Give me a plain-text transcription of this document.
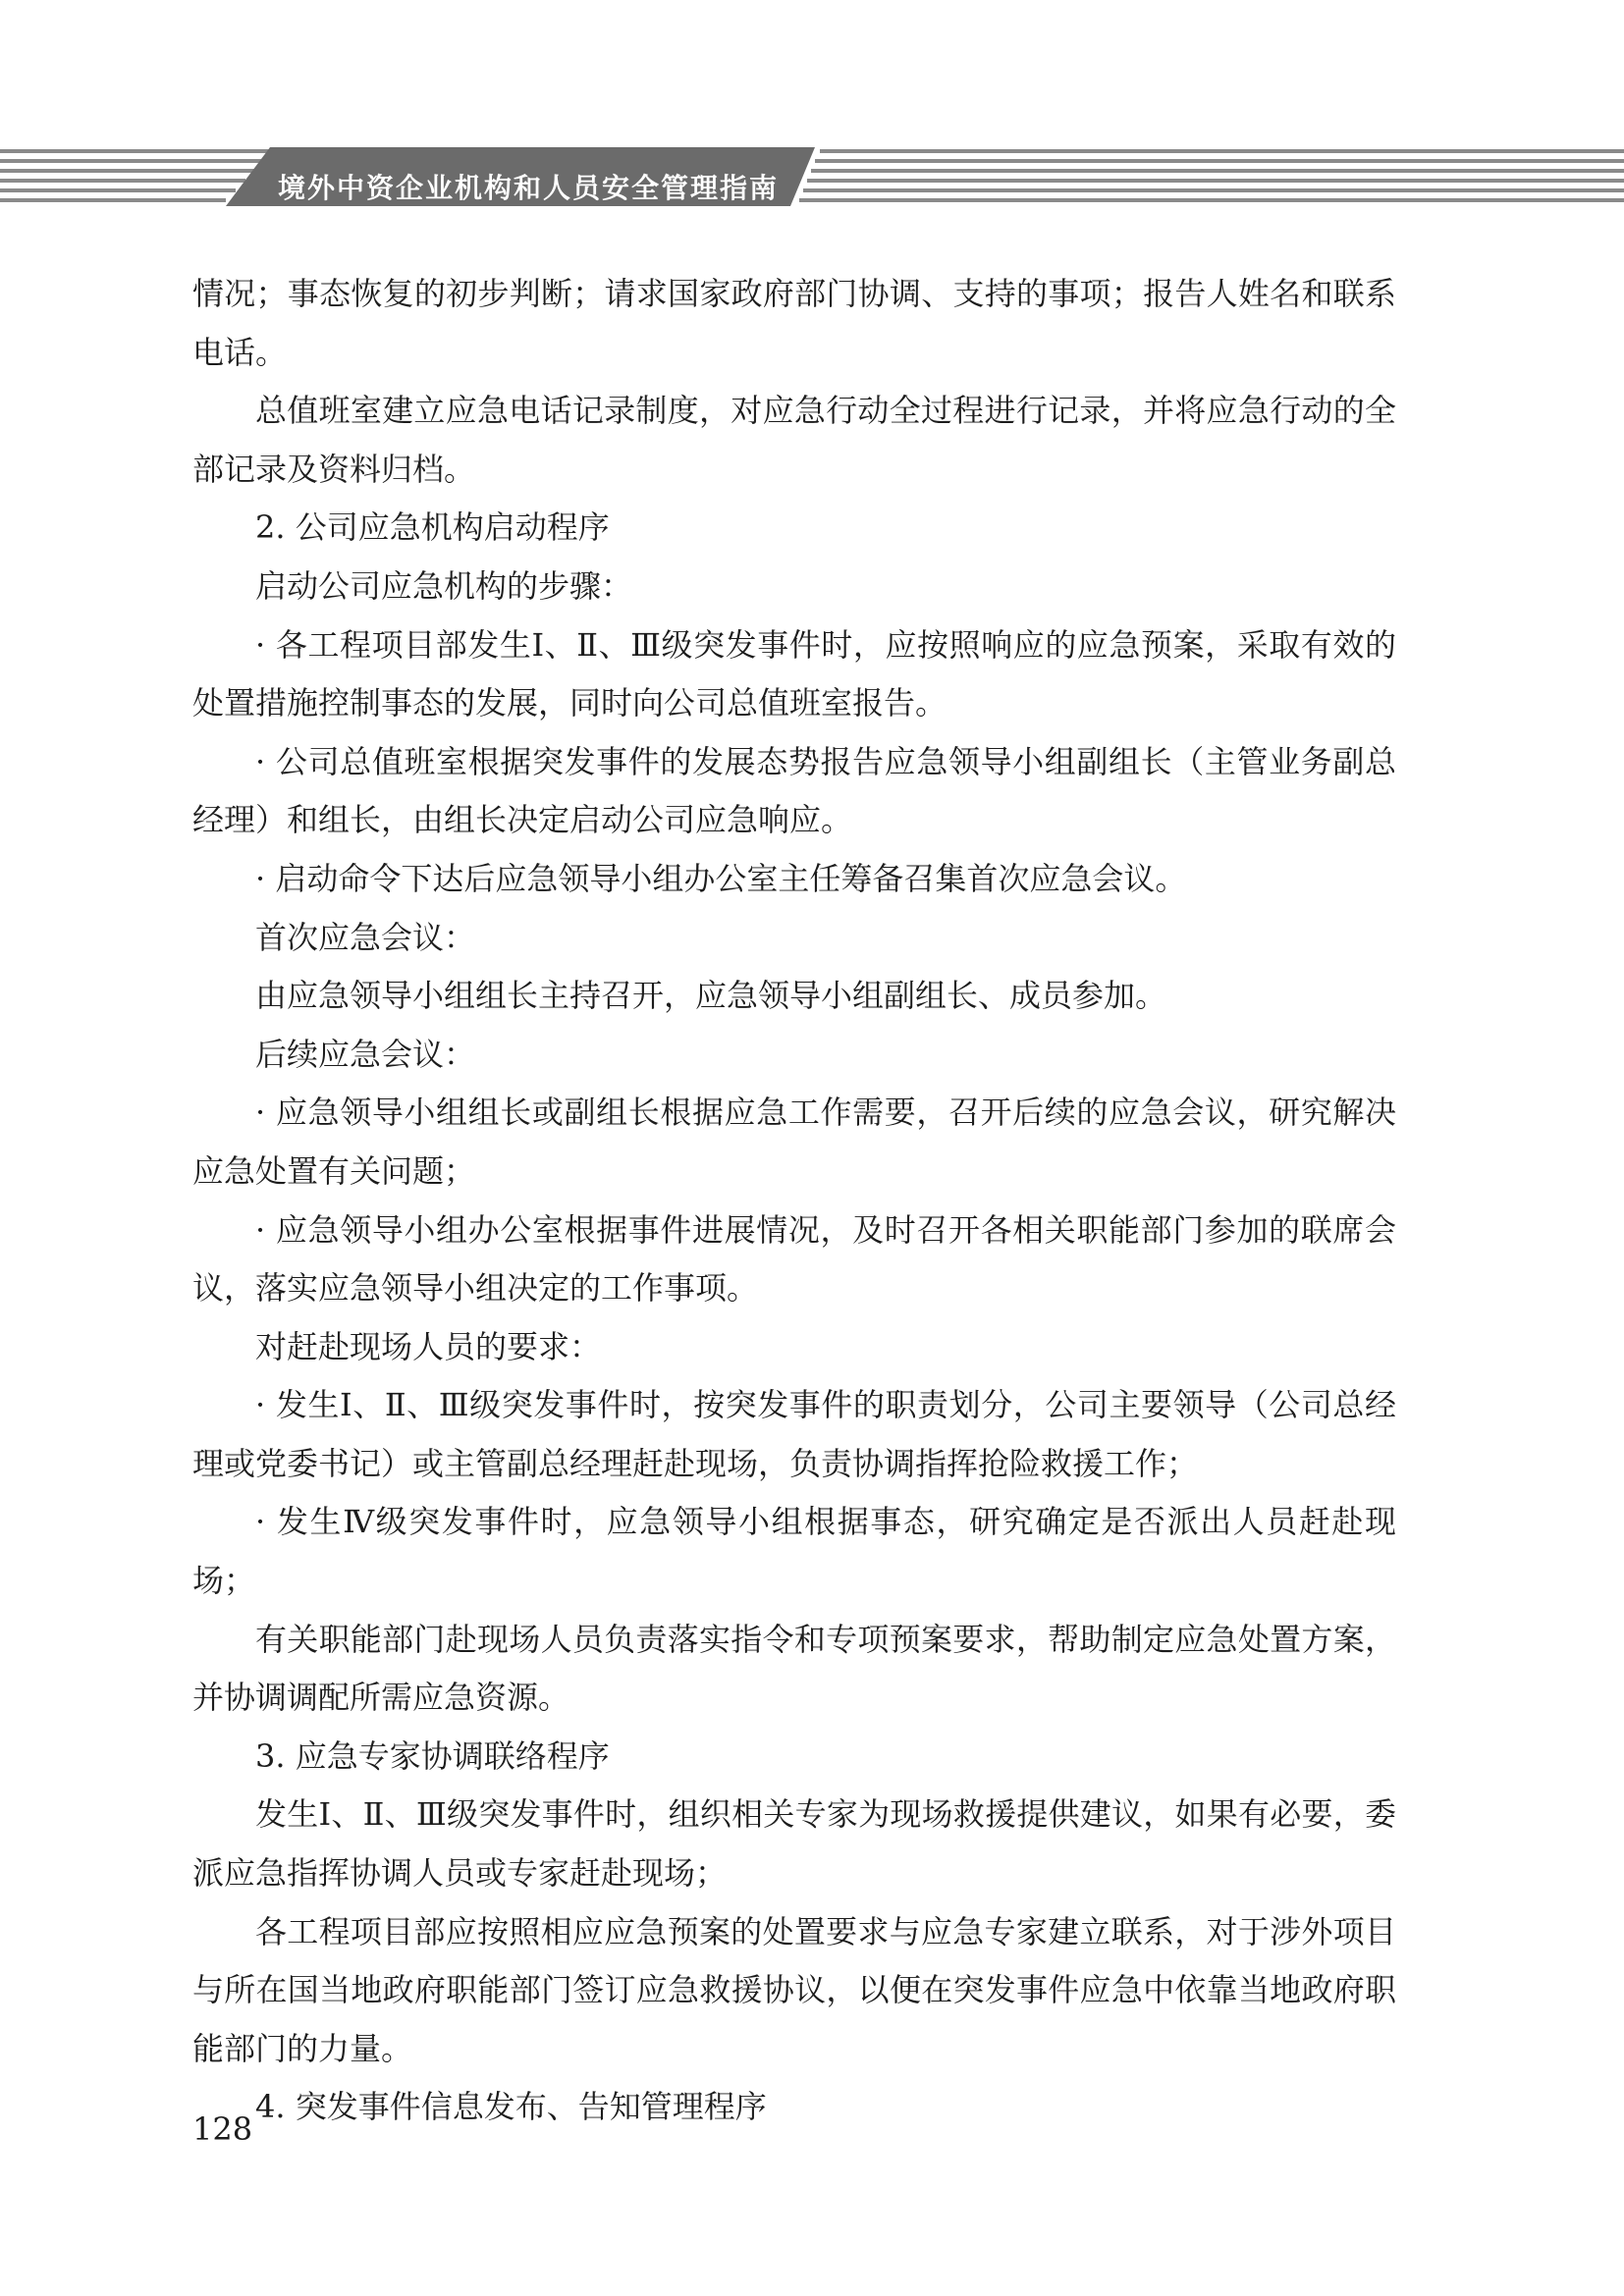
境外中资企业机构和人员安全管理指南

情况；事态恢复的初步判断；请求国家政府部门协调、支持的事项；报告人姓名和联系电话。

总值班室建立应急电话记录制度，对应急行动全过程进行记录，并将应急行动的全部记录及资料归档。

2. 公司应急机构启动程序

启动公司应急机构的步骤：

· 各工程项目部发生Ⅰ、Ⅱ、Ⅲ级突发事件时，应按照响应的应急预案，采取有效的处置措施控制事态的发展，同时向公司总值班室报告。

· 公司总值班室根据突发事件的发展态势报告应急领导小组副组长（主管业务副总经理）和组长，由组长决定启动公司应急响应。

· 启动命令下达后应急领导小组办公室主任筹备召集首次应急会议。

首次应急会议：

由应急领导小组组长主持召开，应急领导小组副组长、成员参加。

后续应急会议：

· 应急领导小组组长或副组长根据应急工作需要，召开后续的应急会议，研究解决应急处置有关问题；

· 应急领导小组办公室根据事件进展情况，及时召开各相关职能部门参加的联席会议，落实应急领导小组决定的工作事项。

对赶赴现场人员的要求：

· 发生Ⅰ、Ⅱ、Ⅲ级突发事件时，按突发事件的职责划分，公司主要领导（公司总经理或党委书记）或主管副总经理赶赴现场，负责协调指挥抢险救援工作；

· 发生Ⅳ级突发事件时，应急领导小组根据事态，研究确定是否派出人员赶赴现场；

有关职能部门赴现场人员负责落实指令和专项预案要求，帮助制定应急处置方案，并协调调配所需应急资源。

3. 应急专家协调联络程序

发生Ⅰ、Ⅱ、Ⅲ级突发事件时，组织相关专家为现场救援提供建议，如果有必要，委派应急指挥协调人员或专家赶赴现场；

各工程项目部应按照相应应急预案的处置要求与应急专家建立联系，对于涉外项目与所在国当地政府职能部门签订应急救援协议，以便在突发事件应急中依靠当地政府职能部门的力量。

4. 突发事件信息发布、告知管理程序

128
